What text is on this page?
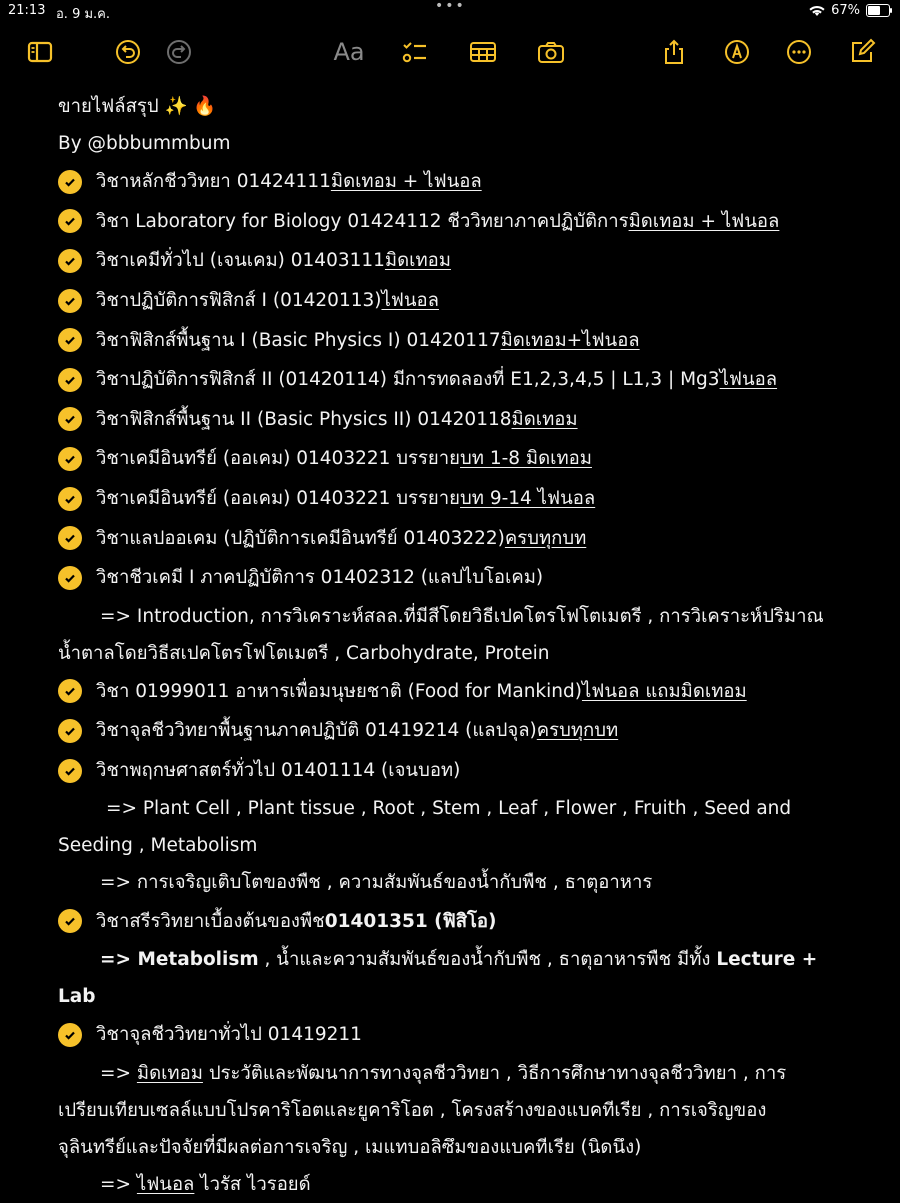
21:13 อ. 9 ม.ค.
•••	67%
Aa
ขายไฟล์สรุป ✨ 🔥
By @bbbummbum
วิชาหลักชีววิทยา 01424111 มิดเทอม + ไฟนอล
วิชา Laboratory for Biology 01424112 ชีววิทยาภาคปฏิบัติการ มิดเทอม + ไฟนอล
วิชาเคมีทั่วไป (เจนเคม) 01403111 มิดเทอม
วิชาปฏิบัติการฟิสิกส์ I (01420113) ไฟนอล
วิชาฟิสิกส์พื้นฐาน I (Basic Physics I) 01420117 มิดเทอม+ไฟนอล
วิชาปฏิบัติการฟิสิกส์ II (01420114) มีการทดลองที่ E1,2,3,4,5 | L1,3 | Mg3 ไฟนอล
วิชาฟิสิกส์พื้นฐาน II (Basic Physics II) 01420118 มิดเทอม
วิชาเคมีอินทรีย์ (ออเคม) 01403221 บรรยาย บท 1-8 มิดเทอม
วิชาเคมีอินทรีย์ (ออเคม) 01403221 บรรยาย บท 9-14 ไฟนอล
วิชาแลปออเคม (ปฏิบัติการเคมีอินทรีย์ 01403222) ครบทุกบท
วิชาชีวเคมี I ภาคปฏิบัติการ 01402312 (แลปไบโอเคม)
=> Introduction, การวิเคราะห์สลล.ที่มีสีโดยวิธีเปคโตรโฟโตเมตรี , การวิเคราะห์ปริมาณ
น้ำตาลโดยวิธีสเปคโตรโฟโตเมตรี , Carbohydrate, Protein
วิชา 01999011 อาหารเพื่อมนุษยชาติ (Food for Mankind) ไฟนอล แถมมิดเทอม
วิชาจุลชีววิทยาพื้นฐานภาคปฏิบัติ 01419214 (แลปจุล) ครบทุกบท
วิชาพฤกษศาสตร์ทั่วไป 01401114 (เจนบอท)
=> Plant Cell , Plant tissue , Root , Stem , Leaf , Flower , Fruith , Seed and
Seeding , Metabolism
=> การเจริญเติบโตของพืช , ความสัมพันธ์ของน้ำกับพืช , ธาตุอาหาร
วิชาสรีรวิทยาเบื้องต้นของพืช 01401351 (ฟิสิโอ)
=> Metabolism , น้ำและความสัมพันธ์ของน้ำกับพืช , ธาตุอาหารพืช มีทั้ง Lecture +
Lab
วิชาจุลชีววิทยาทั่วไป 01419211
=> มิดเทอม ประวัติและพัฒนาการทางจุลชีววิทยา , วิธีการศึกษาทางจุลชีววิทยา , การ
เปรียบเทียบเซลล์แบบโปรคาริโอตและยูคาริโอต , โครงสร้างของแบคทีเรีย , การเจริญของ
จุลินทรีย์และปัจจัยที่มีผลต่อการเจริญ , เมแทบอลิซึมของแบคทีเรีย (นิดนึง)
=> ไฟนอล ไวรัส ไวรอยด์
